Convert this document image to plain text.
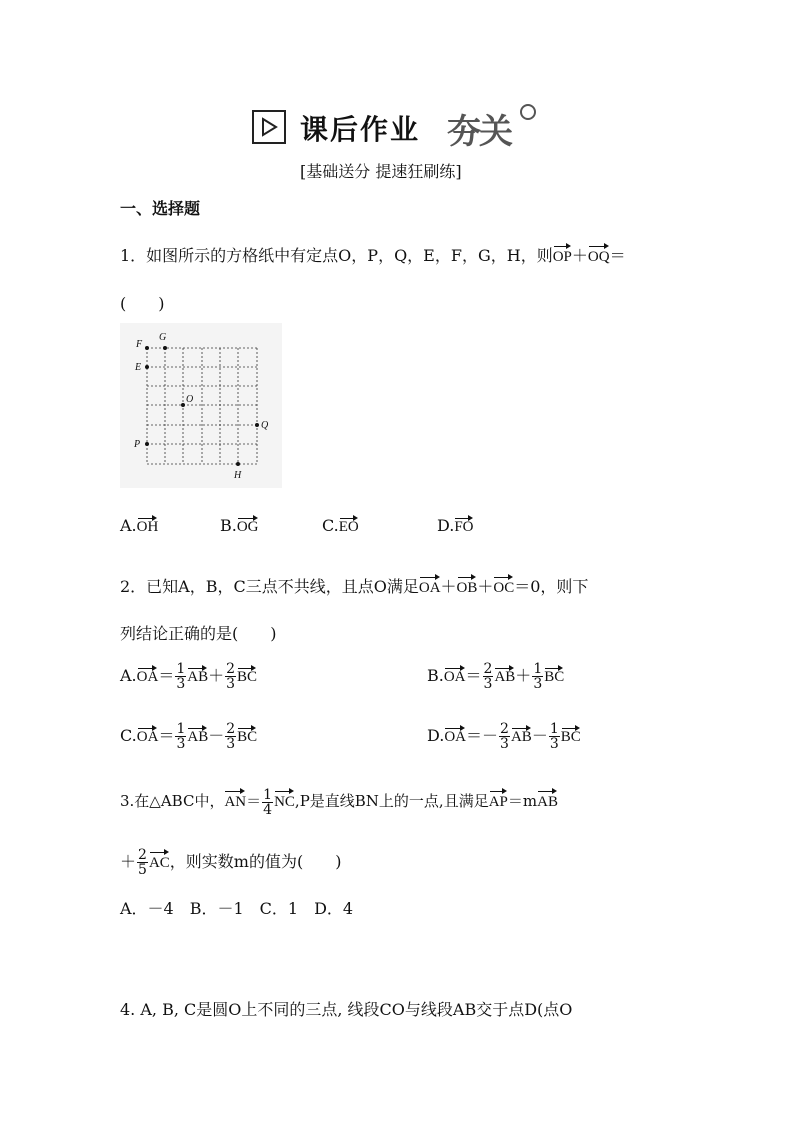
课后作业 夯关
[基础送分 提速狂刷练]
一、选择题
1．如图所示的方格纸中有定点O，P，Q，E，F，G，H，则OP＋OQ＝
(　　)
F
G
E
O
Q
P
H
A.OH	B.OG	C.EO	D.FO
2．已知A，B，C三点不共线，且点O满足OA＋OB＋OC＝0，则下
列结论正确的是(　　)
$A.OA= \frac{1}{3} AB+ \frac{2}{3}$ BC	$B.OA= \frac{2}{3} AB+ \frac{1}{3}$ BC
$C.OA= \frac{1}{3} AB- \frac{2}{3}$ BC	$D.OA=- \frac{2}{3} AB- \frac{1}{3}$ BC
3.在△ABC中，$AN= \frac{1}{4} NC,P$是直线BN上的一点,且满足AP＝mAB
＋ $\frac{2}{5}$ AC，则实数m的值为(　　)
A．－4　B．－1　C．1　D．4
4. A, B, C是圆O上不同的三点, 线段CO与线段AB交于点D(点O
